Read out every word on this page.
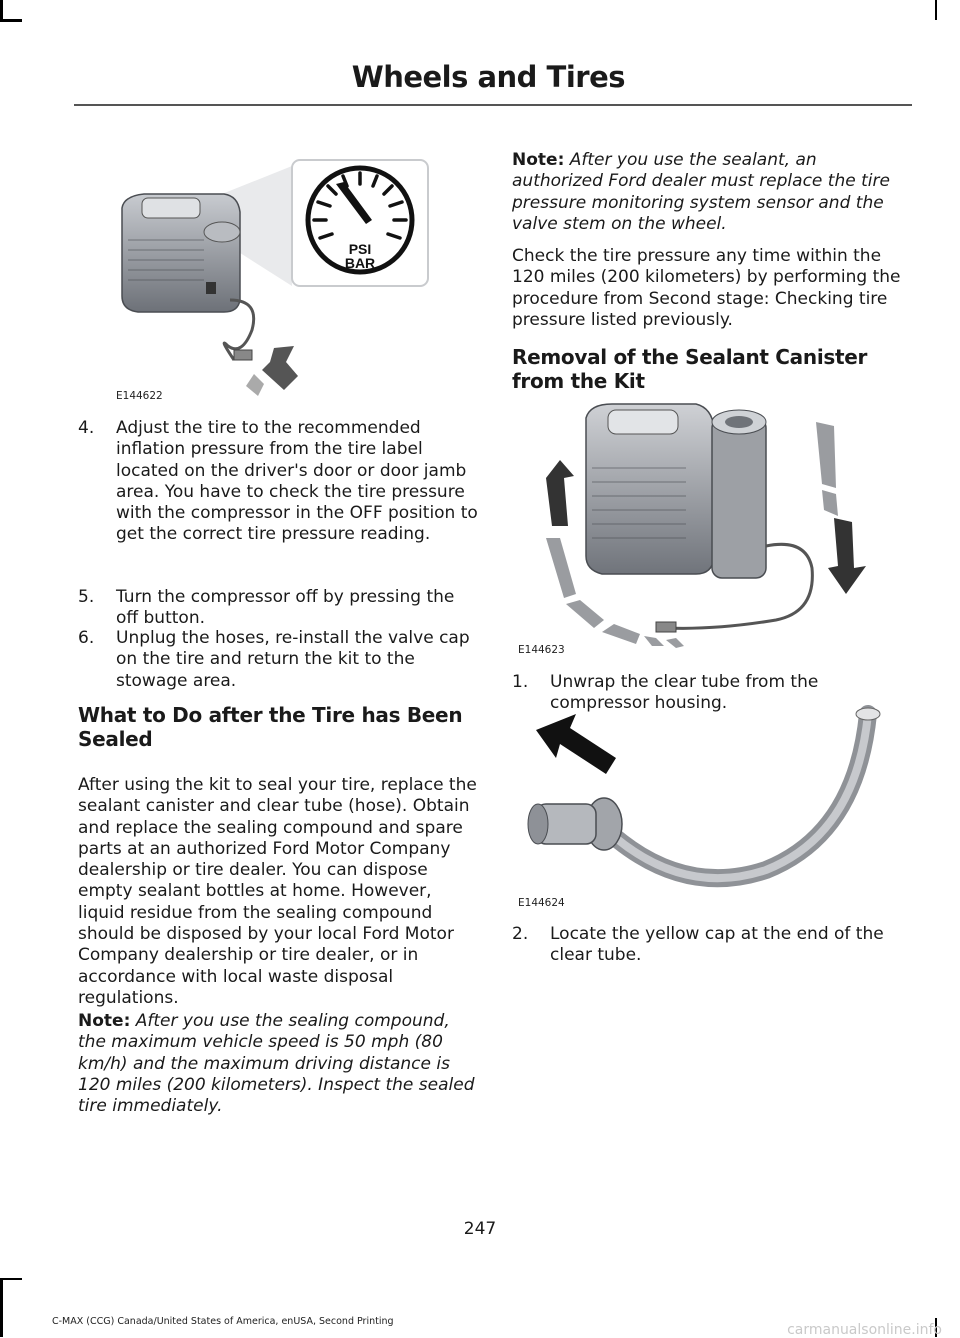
Wheels and Tires
PSI
BAR
E144622
4.	Adjust the tire to the recommended inflation pressure from the tire label located on the driver's door or door jamb area. You have to check the tire pressure with the compressor in the OFF position to get the correct tire pressure reading.
5.	Turn the compressor off by pressing the off button.
6.	Unplug the hoses, re-install the valve cap on the tire and return the kit to the stowage area.
What to Do after the Tire has Been Sealed

After using the kit to seal your tire, replace the sealant canister and clear tube (hose). Obtain and replace the sealing compound and spare parts at an authorized Ford Motor Company dealership or tire dealer. You can dispose empty sealant bottles at home. However, liquid residue from the sealing compound should be disposed by your local Ford Motor Company dealership or tire dealer, or in accordance with local waste disposal regulations.

Note: After you use the sealing compound, the maximum vehicle speed is 50 mph (80 km/h) and the maximum driving distance is 120 miles (200 kilometers). Inspect the sealed tire immediately.

Note: After you use the sealant, an authorized Ford dealer must replace the tire pressure monitoring system sensor and the valve stem on the wheel.

Check the tire pressure any time within the 120 miles (200 kilometers) by performing the procedure from Second stage: Checking tire pressure listed previously.

Removal of the Sealant Canister from the Kit
E144623
1.	Unwrap the clear tube from the compressor housing.
E144624
2.	Locate the yellow cap at the end of the clear tube.
247
C-MAX (CCG) Canada/United States of America, enUSA, Second Printing
carmanualsonline.info
